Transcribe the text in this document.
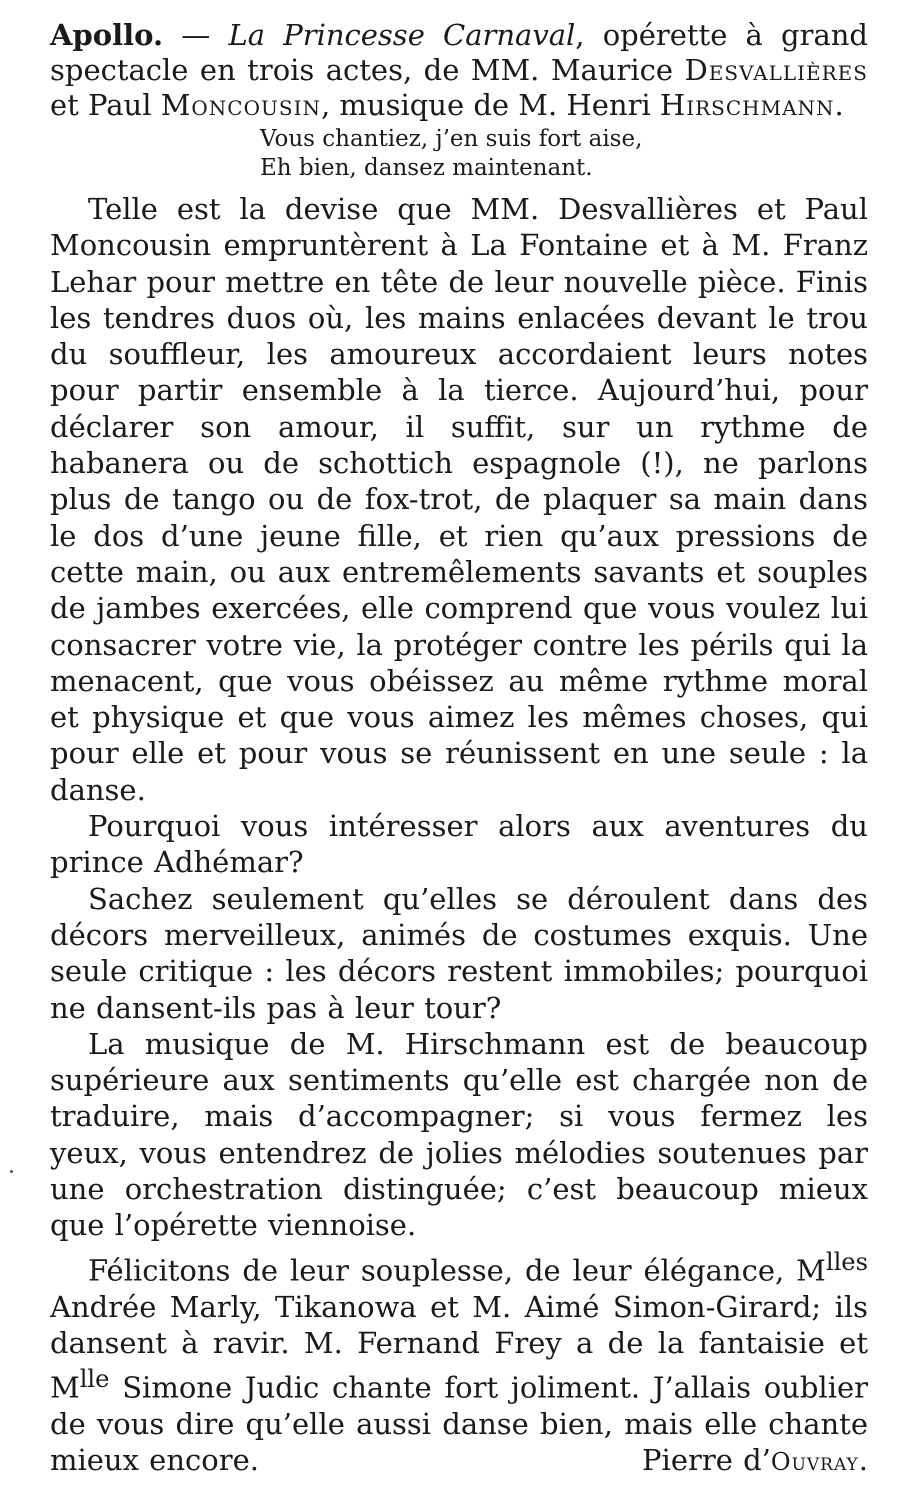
Apollo. — La Princesse Carnaval, opérette à grand spectacle en trois actes, de MM. Maurice Desvallières et Paul Moncousin, musique de M. Henri Hirschmann.

Vous chantiez, j’en suis fort aise,
Eh bien, dansez maintenant.

Telle est la devise que MM. Desvallières et Paul Moncousin empruntèrent à La Fontaine et à M. Franz Lehar pour mettre en tête de leur nouvelle pièce. Finis les tendres duos où, les mains enlacées devant le trou du souffleur, les amoureux accordaient leurs notes pour partir ensemble à la tierce. Aujourd’hui, pour déclarer son amour, il suffit, sur un rythme de habanera ou de schottich espagnole (!), ne parlons plus de tango ou de fox-trot, de plaquer sa main dans le dos d’une jeune fille, et rien qu’aux pressions de cette main, ou aux entremêlements savants et souples de jambes exercées, elle comprend que vous voulez lui consacrer votre vie, la protéger contre les périls qui la menacent, que vous obéissez au même rythme moral et physique et que vous aimez les mêmes choses, qui pour elle et pour vous se réunissent en une seule : la danse.

Pourquoi vous intéresser alors aux aventures du prince Adhémar?

Sachez seulement qu’elles se déroulent dans des décors merveilleux, animés de costumes exquis. Une seule critique : les décors restent immobiles; pourquoi ne dansent-ils pas à leur tour?

La musique de M. Hirschmann est de beaucoup supérieure aux sentiments qu’elle est chargée non de traduire, mais d’accompagner; si vous fermez les yeux, vous entendrez de jolies mélodies soutenues par une orchestration distinguée; c’est beaucoup mieux que l’opérette viennoise.

Félicitons de leur souplesse, de leur élégance, $M^{lles}$ Andrée Marly, Tikanowa et M. Aimé Simon-Girard; ils dansent à ravir. M. Fernand Frey a de la fantaisie et $M^{lle}$ Simone Judic chante fort joliment. J’allais oublier de vous dire qu’elle aussi danse bien, mais elle chante mieux encore.	Pierre d’Ouvray.
